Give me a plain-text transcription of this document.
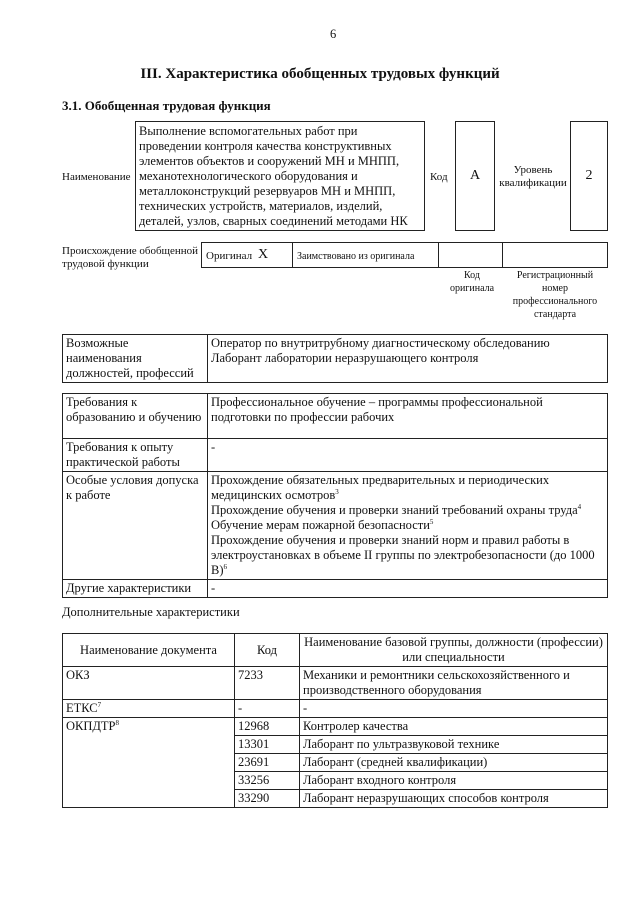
6
III. Характеристика обобщенных трудовых функций
3.1. Обобщенная трудовая функция
Наименование
Выполнение вспомогательных работ при проведении контроля качества конструктивных элементов объектов и сооружений МН и МНПП, механотехнологического оборудования и металлоконструкций резервуаров МН и МНПП, технических устройств, материалов, изделий, деталей, узлов, сварных соединений методами НК
Код	A	Уровень квалификации	2
Происхождение обобщенной трудовой функции
Оригинал X	Заимствовано из оригинала
Код оригинала
Регистрационный номер профессионального стандарта
Возможные наименования должностей, профессий	
Оператор по внутритрубному диагностическому обследованию
Лаборант лаборатории неразрушающего контроля
Требования к образованию и обучению	Профессиональное обучение – программы профессиональной подготовки по профессии рабочих
Требования к опыту практической работы	-
Особые условия допуска к работе	Прохождение обязательных предварительных и периодических медицинских осмотров$^3$
Прохождение обучения и проверки знаний требований охраны труда$^4$
Обучение мерам пожарной безопасности$^5$
Прохождение обучения и проверки знаний норм и правил работы в электроустановках в объеме II группы по электробезопасности (до 1000 В)$^6$

Другие характеристики	-
Дополнительные характеристики
Наименование документа	Код	Наименование базовой группы, должности (профессии) или специальности
ОКЗ	7233	Механики и ремонтники сельскохозяйственного и производственного оборудования
ЕТКС$^7$	-	-
ОКПДТР$^8$	12968	Контролер качества
	13301	Лаборант по ультразвуковой технике
	23691	Лаборант (средней квалификации)
	33256	Лаборант входного контроля
	33290	Лаборант неразрушающих способов контроля
